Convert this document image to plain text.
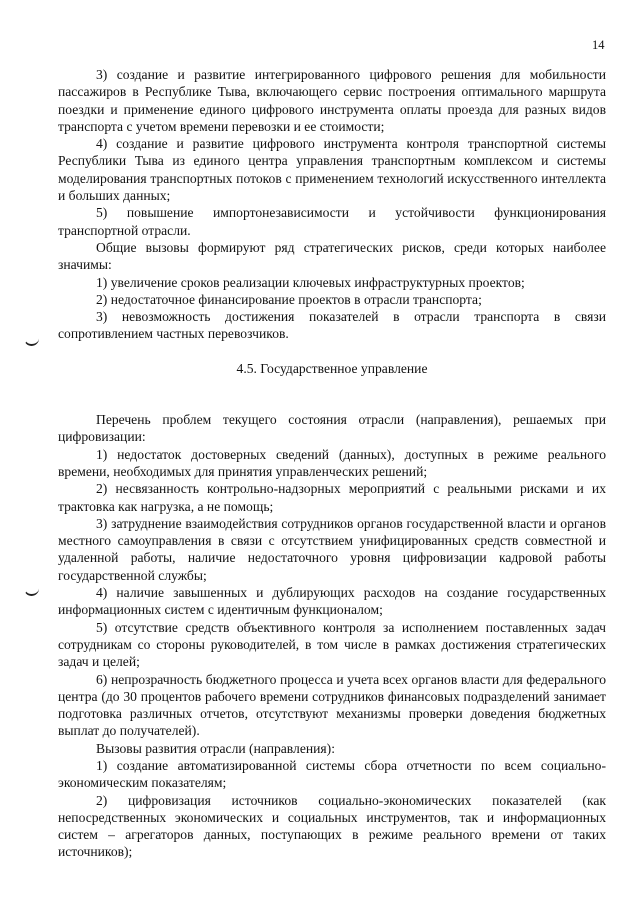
14

3) создание и развитие интегрированного цифрового решения для мобильности пассажиров в Республике Тыва, включающего сервис построения оптимального маршрута поездки и применение единого цифрового инструмента оплаты проезда для разных видов транспорта с учетом времени перевозки и ее стоимости;

4) создание и развитие цифрового инструмента контроля транспортной системы Республики Тыва из единого центра управления транспортным комплексом и системы моделирования транспортных потоков с применением технологий искусственного интеллекта и больших данных;

5) повышение импортонезависимости и устойчивости функционирования транспортной отрасли.

Общие вызовы формируют ряд стратегических рисков, среди которых наиболее значимы:

1) увеличение сроков реализации ключевых инфраструктурных проектов;

2) недостаточное финансирование проектов в отрасли транспорта;

3) невозможность достижения показателей в отрасли транспорта в связи сопротивлением частных перевозчиков.

4.5. Государственное управление

Перечень проблем текущего состояния отрасли (направления), решаемых при цифровизации:

1) недостаток достоверных сведений (данных), доступных в режиме реального времени, необходимых для принятия управленческих решений;

2) несвязанность контрольно-надзорных мероприятий с реальными рисками и их трактовка как нагрузка, а не помощь;

3) затруднение взаимодействия сотрудников органов государственной власти и органов местного самоуправления в связи с отсутствием унифицированных средств совместной и удаленной работы, наличие недостаточного уровня цифровизации кадровой работы государственной службы;

4) наличие завышенных и дублирующих расходов на создание государственных информационных систем с идентичным функционалом;

5) отсутствие средств объективного контроля за исполнением поставленных задач сотрудникам со стороны руководителей, в том числе в рамках достижения стратегических задач и целей;

6) непрозрачность бюджетного процесса и учета всех органов власти для федерального центра (до 30 процентов рабочего времени сотрудников финансовых подразделений занимает подготовка различных отчетов, отсутствуют механизмы проверки доведения бюджетных выплат до получателей).

Вызовы развития отрасли (направления):

1) создание автоматизированной системы сбора отчетности по всем социально-экономическим показателям;

2) цифровизация источников социально-экономических показателей (как непосредственных экономических и социальных инструментов, так и информационных систем – агрегаторов данных, поступающих в режиме реального времени от таких источников);
